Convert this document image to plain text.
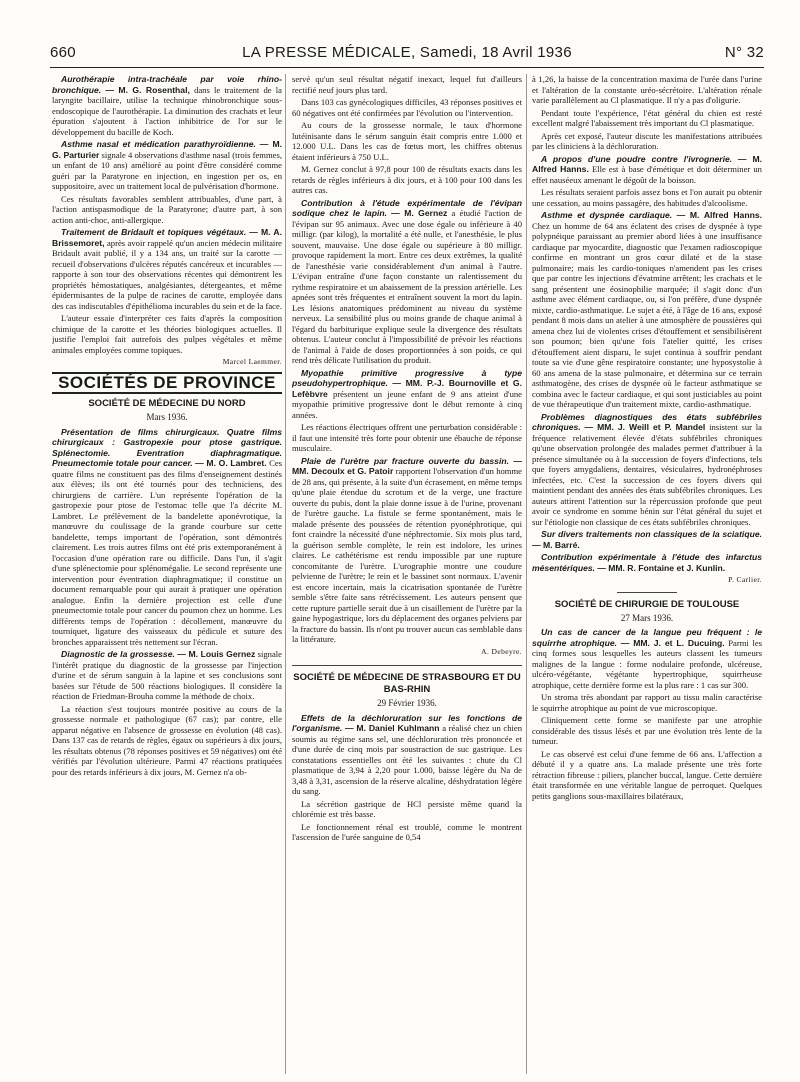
660	LA PRESSE MÉDICALE, Samedi, 18 Avril 1936	N° 32

Aurothérapie intra-trachéale par voie rhino-bronchique. — M. G. Rosenthal, dans le traitement de la laryngite bacillaire, utilise la technique rhinobronchique sous-endoscopique de l'aurothérapie. La diminution des crachats et leur épuration s'ajoutent à l'action inhibitrice de l'or sur le développement du bacille de Koch.

Asthme nasal et médication parathyroïdienne. — M. G. Parturier signale 4 observations d'asthme nasal (trois femmes, un enfant de 10 ans) amélioré au point d'être considéré comme guéri par la Paratyrone en injection, en ingestion per os, en suppositoire, avec un traitement local de pulvérisation d'hormone.

Ces résultats favorables semblent attribuables, d'une part, à l'action antispasmodique de la Paratyrone; d'autre part, à son action anti-choc, anti-allergique.

Traitement de Bridault et topiques végétaux. — M. A. Brissemoret, après avoir rappelé qu'un ancien médecin militaire Bridault avait publié, il y a 134 ans, un traité sur la carotte — recueil d'observations d'ulcères réputés cancéreux et incurables — rapporte à son tour des observations récentes qui démontrent les propriétés hémostatiques, analgésiantes, détergeantes, et même épidermisantes de la pulpe de racines de carotte, employée dans des cas indiscutables d'épithélioma incurables du sein et de la face.

L'auteur essaie d'interpréter ces faits d'après la composition chimique de la carotte et les théories biologiques actuelles. Il justifie l'emploi fait autrefois des pulpes végétales et même animales employées comme topiques.

Marcel Laemmer.

SOCIÉTÉS DE PROVINCE
SOCIÉTÉ DE MÉDECINE DU NORD

Mars 1936.

Présentation de films chirurgicaux. Quatre films chirurgicaux : Gastropexie pour ptose gastrique. Splénectomie. Eventration diaphragmatique. Pneumectomie totale pour cancer. — M. O. Lambret. Ces quatre films ne constituent pas des films d'enseignement destinés aux élèves; ils ont été tournés pour des techniciens, des chirurgiens de carrière. L'un représente l'opération de la gastropexie pour ptose de l'estomac telle que l'a décrite M. Lambret. Le prélèvement de la bandelette aponévrotique, la manœuvre du coulissage de la grande courbure sur cette bandelette, temps important de l'opération, sont démontrés clairement. Les trois autres films ont été pris extemporanément à l'occasion d'une opération rare ou difficile. Dans l'un, il s'agit d'une splénectomie pour splénomégalie. Le second représente une intervention pour éventration diaphragmatique; il constitue un document remarquable pour qui aurait à pratiquer une opération analogue. Enfin la dernière projection est celle d'une pneumectomie totale pour cancer du poumon chez un homme. Les différents temps de l'opération : décollement, manœuvre du tourniquet, ligature des vaisseaux du pédicule et suture des bronches apparaissent très nettement sur l'écran.

Diagnostic de la grossesse. — M. Louis Gernez signale l'intérêt pratique du diagnostic de la grossesse par l'injection d'urine et de sérum sanguin à la lapine et ses conclusions sont basées sur l'étude de 500 réactions biologiques. Il considère la réaction de Friedman-Brouha comme la méthode de choix.

La réaction s'est toujours montrée positive au cours de la grossesse normale et pathologique (67 cas); par contre, elle apparut négative en l'absence de grossesse en évolution (48 cas). Dans 137 cas de retards de règles, égaux ou supérieurs à dix jours, les résultats obtenus (78 réponses positives et 59 négatives) ont été vérifiés par l'évolution ultérieure. Parmi 47 réactions pratiquées pour des retards inférieurs à dix jours, M. Gernez n'a ob-

servé qu'un seul résultat négatif inexact, lequel fut d'ailleurs rectifié neuf jours plus tard.

Dans 103 cas gynécologiques difficiles, 43 réponses positives et 60 négatives ont été confirmées par l'évolution ou l'intervention.

Au cours de la grossesse normale, le taux d'hormone lutéinisante dans le sérum sanguin était compris entre 1.000 et 12.000 U.L. Dans les cas de fœtus mort, les chiffres obtenus étaient inférieurs à 750 U.L.

M. Gernez conclut à 97,8 pour 100 de résultats exacts dans les retards de règles inférieurs à dix jours, et à 100 pour 100 dans les autres cas.

Contribution à l'étude expérimentale de l'évipan sodique chez le lapin. — M. Gernez a étudié l'action de l'évipan sur 95 animaux. Avec une dose égale ou inférieure à 40 milligr. (par kilog), la mortalité a été nulle, et l'anesthésie, le plus souvent, mauvaise. Une dose égale ou supérieure à 80 milligr. provoque rapidement la mort. Entre ces deux extrêmes, la qualité de l'anesthésie varie considérablement d'un animal à l'autre. L'évipan entraîne d'une façon constante un ralentissement du rythme respiratoire et un abaissement de la pression artérielle. Les apnées sont très fréquentes et entraînent souvent la mort du lapin. Les lésions anatomiques prédominent au niveau du système nerveux. La sensibilité plus ou moins grande de chaque animal à l'égard du barbiturique explique seule la divergence des résultats obtenus. L'auteur conclut à l'impossibilité de prévoir les réactions de l'animal à l'aide de doses proportionnées à son poids, ce qui rend très délicate l'utilisation du produit.

Myopathie primitive progressive à type pseudohypertrophique. — MM. P.-J. Bournoville et G. Lefèbvre présentent un jeune enfant de 9 ans atteint d'une myopathie primitive progressive dont le début remonte à cinq années.

Les réactions électriques offrent une perturbation considérable : il faut une intensité très forte pour obtenir une ébauche de réponse musculaire.

Plaie de l'urètre par fracture ouverte du bassin. — MM. Decoulx et G. Patoir rapportent l'observation d'un homme de 28 ans, qui présente, à la suite d'un écrasement, en même temps qu'une plaie étendue du scrotum et de la verge, une fracture ouverte du pubis, dont la plaie donne issue à de l'urine, provenant de l'urètre gauche. La fistule se ferme spontanément, mais le malade présente des poussées de rétention pyonéphrotique, qui font craindre la nécessité d'une néphrectomie. Six mois plus tard, la guérison semble complète, le rein est indolore, les urines claires. Le cathétérisme est rendu impossible par une rupture concomitante de l'urètre. L'urographie montre une coudure pelvienne de l'urètre; le rein et le bassinet sont normaux. L'avenir est encore incertain, mais la cicatrisation spontanée de l'urètre semble s'être faite sans rétrécissement. Les auteurs pensent que cette rupture partielle serait due à un cisaillement de l'urètre par la gaine hypogastrique, lors du déplacement des organes pelviens par la fracture du bassin. Ils n'ont pu trouver aucun cas semblable dans la littérature.

A. Debeyre.

SOCIÉTÉ DE MÉDECINE DE STRASBOURG ET DU BAS-RHIN

29 Février 1936.

Effets de la déchloruration sur les fonctions de l'organisme. — M. Daniel Kuhlmann a réalisé chez un chien soumis au régime sans sel, une déchloruration très prononcée et d'une durée de cinq mois par soustraction de suc gastrique. Les constatations essentielles ont été les suivantes : chute du Cl plasmatique de 3,94 à 2,20 pour 1.000, baisse légère du Na de 3,48 à 3,31, ascension de la réserve alcaline, déshydratation légère du sang.

La sécrétion gastrique de HCl persiste même quand la chlorémie est très basse.

Le fonctionnement rénal est troublé, comme le montrent l'ascension de l'urée sanguine de 0,54

à 1,26, la baisse de la concentration maxima de l'urée dans l'urine et l'altération de la constante uréo-sécrétoire. L'altération rénale varie parallèlement au Cl plasmatique. Il n'y a pas d'oligurie.

Pendant toute l'expérience, l'état général du chien est resté excellent malgré l'abaissement très important du Cl plasmatique.

Après cet exposé, l'auteur discute les manifestations attribuées par les cliniciens à la déchloruration.

A propos d'une poudre contre l'ivrognerie. — M. Alfred Hanns. Elle est à base d'émétique et doit déterminer un effet nauséeux amenant le dégoût de la boisson.

Les résultats seraient parfois assez bons et l'on aurait pu obtenir une cessation, au moins passagère, des habitudes d'alcoolisme.

Asthme et dyspnée cardiaque. — M. Alfred Hanns. Chez un homme de 64 ans éclatent des crises de dyspnée à type polypnéique paraissant au premier abord liées à une insuffisance cardiaque par myocardite, diagnostic que l'examen radioscopique confirme en montrant un gros cœur dilaté et de la stase pulmonaire; mais les cardio-toniques n'amendent pas les crises que par contre les injections d'évatmine arrêtent; les crachats et le sang présentent une éosinophilie marquée; il s'agit donc d'un asthme avec élément cardiaque, ou, si l'on préfère, d'une dyspnée mixte, cardio-asthmatique. Le sujet a été, à l'âge de 16 ans, exposé pendant 8 mois dans un atelier à une atmosphère de poussières qui amena chez lui de violentes crises d'étouffement et sensibilisèrent son poumon; bien qu'une fois l'atelier quitté, les crises d'étouffement aient disparu, le sujet continua à souffrir pendant toute sa vie d'une gêne respiratoire constante; une hyposystolie à 60 ans amena de la stase pulmonaire, et détermina sur ce terrain asthmatogène, des crises de dyspnée où le facteur asthmatique se combina avec le facteur cardiaque, et qui sont justiciables au point de vue thérapeutique d'un traitement mixte, cardio-asthmatique.

Problèmes diagnostiques des états subfébriles chroniques. — MM. J. Weill et P. Mandel insistent sur la fréquence relativement élevée d'états subfébriles chroniques qu'une observation prolongée des malades permet d'attribuer à la présence simultanée ou à la succession de foyers d'infections, tels que foyers amygdaliens, dentaires, vésiculaires, hydronéphroses infectées, etc. C'est la succession de ces foyers divers qui maintient pendant des années des états subfébriles chroniques. Les auteurs attirent l'attention sur la répercussion profonde que peut avoir ce syndrome en somme bénin sur l'état général du sujet et sur l'étiologie non classique de ces états subfébriles chroniques.

Sur divers traitements non classiques de la sciatique. — M. Barré.

Contribution expérimentale à l'étude des infarctus mésentériques. — MM. R. Fontaine et J. Kunlin.

P. Carlier.

SOCIÉTÉ DE CHIRURGIE DE TOULOUSE

27 Mars 1936.

Un cas de cancer de la langue peu fréquent : le squirrhe atrophique. — MM. J. et L. Ducuing. Parmi les cinq formes sous lesquelles les auteurs classent les tumeurs malignes de la langue : forme nodulaire profonde, ulcéreuse, ulcéro-végétante, végétante hypertrophique, squirrheuse atrophique, cette dernière forme est la plus rare : 1 cas sur 300.

Un stroma très abondant par rapport au tissu malin caractérise le squirrhe atrophique au point de vue microscopique.

Cliniquement cette forme se manifeste par une atrophie considérable des tissus lésés et par une évolution très lente de la tumeur.

Le cas observé est celui d'une femme de 66 ans. L'affection a débuté il y a quatre ans. La malade présente une très forte rétraction fibreuse : piliers, plancher buccal, langue. Cette dernière était transformée en une véritable langue de perroquet. Quelques petits ganglions sous-maxillaires bilatéraux,
